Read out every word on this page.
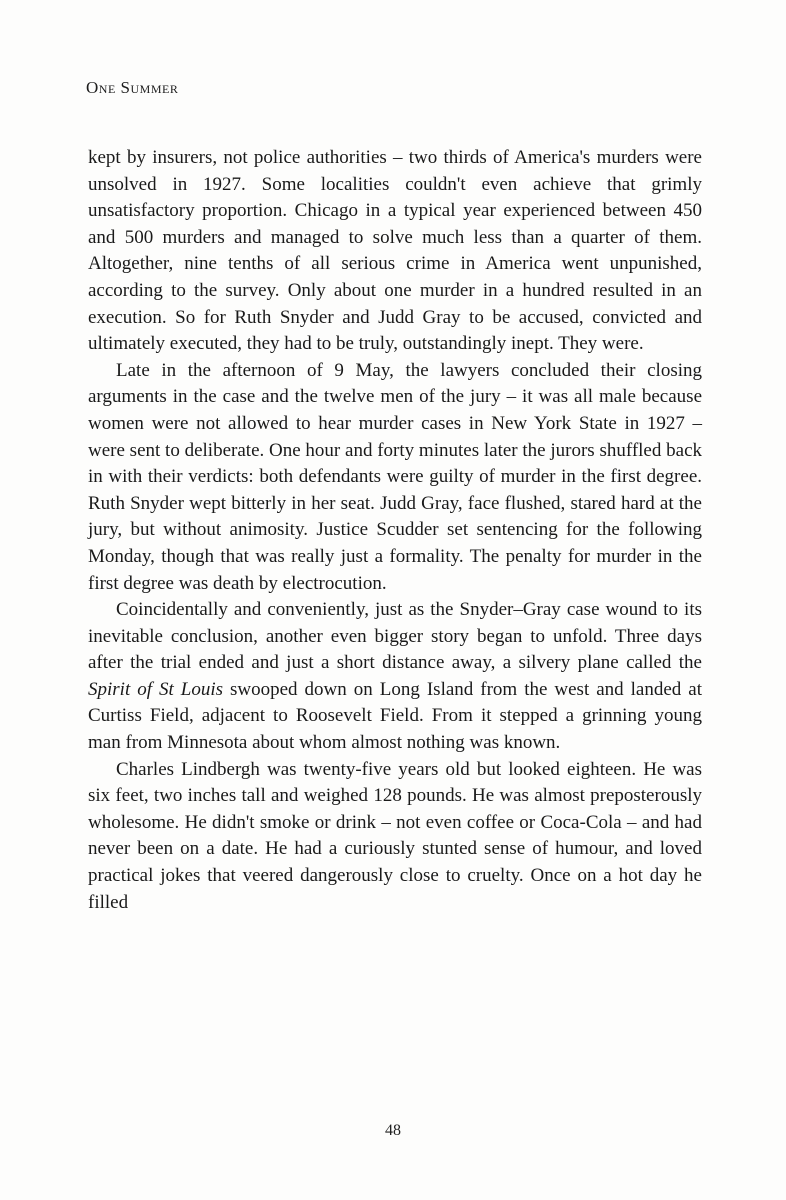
One Summer

kept by insurers, not police authorities – two thirds of America's murders were unsolved in 1927. Some localities couldn't even achieve that grimly unsatisfactory proportion. Chicago in a typical year experienced between 450 and 500 murders and managed to solve much less than a quarter of them. Altogether, nine tenths of all serious crime in America went unpunished, according to the survey. Only about one murder in a hundred resulted in an execution. So for Ruth Snyder and Judd Gray to be accused, convicted and ultimately executed, they had to be truly, outstandingly inept. They were.

Late in the afternoon of 9 May, the lawyers concluded their closing arguments in the case and the twelve men of the jury – it was all male because women were not allowed to hear murder cases in New York State in 1927 – were sent to deliberate. One hour and forty minutes later the jurors shuffled back in with their verdicts: both defendants were guilty of murder in the first degree. Ruth Snyder wept bitterly in her seat. Judd Gray, face flushed, stared hard at the jury, but without animosity. Justice Scudder set sentencing for the following Monday, though that was really just a formality. The penalty for murder in the first degree was death by electrocution.

Coincidentally and conveniently, just as the Snyder–Gray case wound to its inevitable conclusion, another even bigger story began to unfold. Three days after the trial ended and just a short distance away, a silvery plane called the Spirit of St Louis swooped down on Long Island from the west and landed at Curtiss Field, adjacent to Roosevelt Field. From it stepped a grinning young man from Minnesota about whom almost nothing was known.

Charles Lindbergh was twenty-five years old but looked eighteen. He was six feet, two inches tall and weighed 128 pounds. He was almost preposterously wholesome. He didn't smoke or drink – not even coffee or Coca-Cola – and had never been on a date. He had a curiously stunted sense of humour, and loved practical jokes that veered dangerously close to cruelty. Once on a hot day he filled

48
